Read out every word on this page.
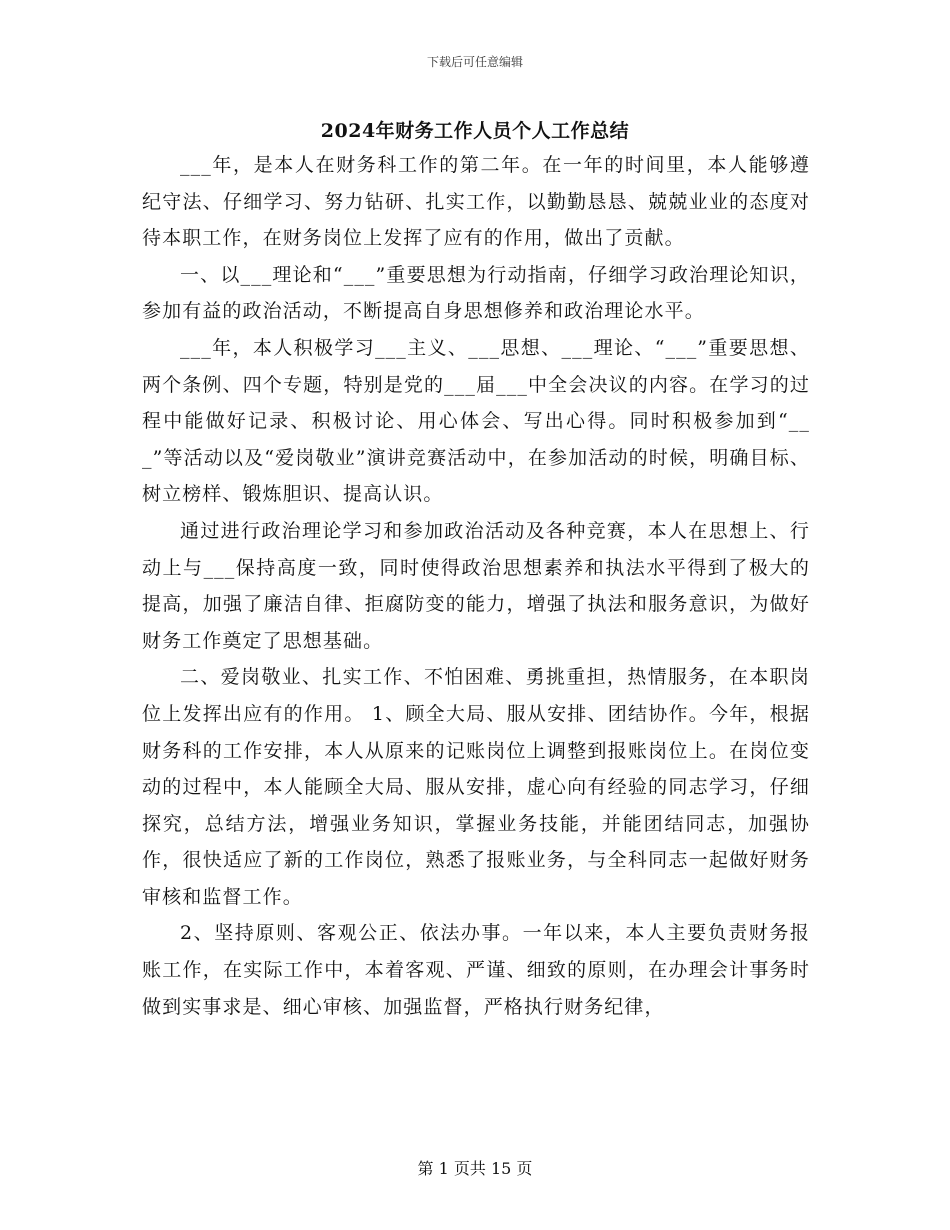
下载后可任意编辑
2024年财务工作人员个人工作总结

___年，是本人在财务科工作的第二年。在一年的时间里，本人能够遵纪守法、仔细学习、努力钻研、扎实工作，以勤勤恳恳、兢兢业业的态度对待本职工作，在财务岗位上发挥了应有的作用，做出了贡献。

一、以___理论和“___”重要思想为行动指南，仔细学习政治理论知识，参加有益的政治活动，不断提高自身思想修养和政治理论水平。

___年，本人积极学习___主义、___思想、___理论、“___”重要思想、两个条例、四个专题，特别是党的___届___中全会决议的内容。在学习的过程中能做好记录、积极讨论、用心体会、写出心得。同时积极参加到“___”等活动以及“爱岗敬业”演讲竞赛活动中，在参加活动的时候，明确目标、树立榜样、锻炼胆识、提高认识。

通过进行政治理论学习和参加政治活动及各种竞赛，本人在思想上、行动上与___保持高度一致，同时使得政治思想素养和执法水平得到了极大的提高，加强了廉洁自律、拒腐防变的能力，增强了执法和服务意识，为做好财务工作奠定了思想基础。

二、爱岗敬业、扎实工作、不怕困难、勇挑重担，热情服务，在本职岗位上发挥出应有的作用。 1、顾全大局、服从安排、团结协作。今年，根据财务科的工作安排，本人从原来的记账岗位上调整到报账岗位上。在岗位变动的过程中，本人能顾全大局、服从安排，虚心向有经验的同志学习，仔细探究，总结方法，增强业务知识，掌握业务技能，并能团结同志，加强协作，很快适应了新的工作岗位，熟悉了报账业务，与全科同志一起做好财务审核和监督工作。

2、坚持原则、客观公正、依法办事。一年以来，本人主要负责财务报账工作，在实际工作中，本着客观、严谨、细致的原则，在办理会计事务时做到实事求是、细心审核、加强监督，严格执行财务纪律，

第 1 页共 15 页
